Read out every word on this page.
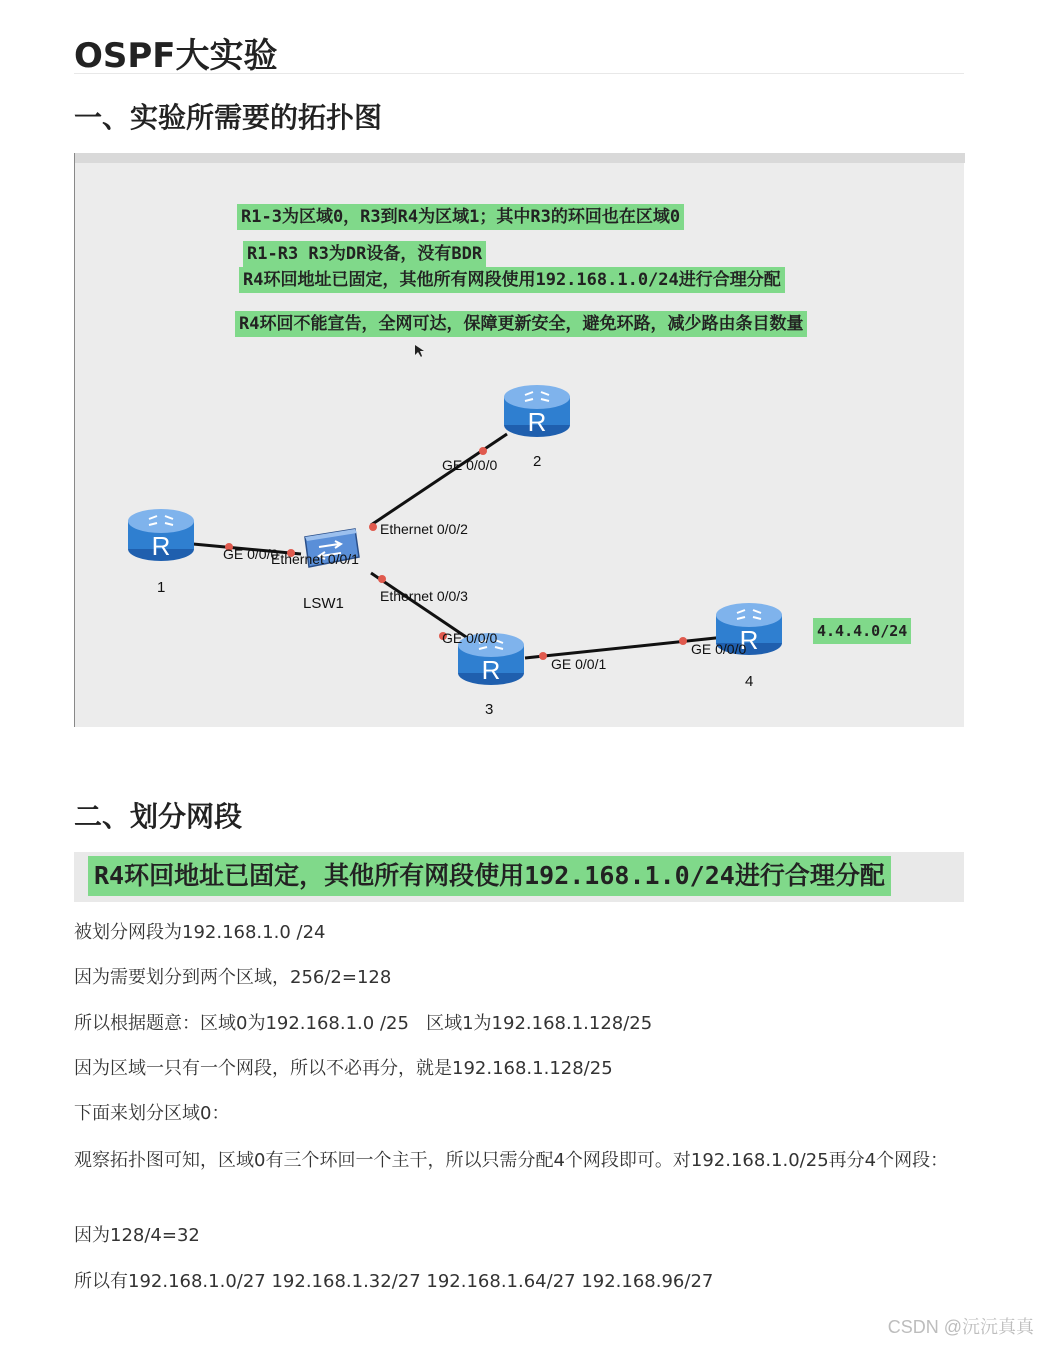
OSPF大实验
一、实验所需要的拓扑图
R1-3为区域0，R3到R4为区域1；其中R3的环回也在区域0
R1-R3 R3为DR设备，没有BDR
R4环回地址已固定，其他所有网段使用192.168.1.0/24进行合理分配
R4环回不能宣告，全网可达，保障更新安全，避免环路，减少路由条目数量
R
R
R
R
1
2
3
4
LSW1
GE 0/0/0
Ethernet 0/0/1
Ethernet 0/0/2
GE 0/0/0
Ethernet 0/0/3
GE 0/0/0
GE 0/0/1
GE 0/0/0
4.4.4.0/24
二、划分网段
R4环回地址已固定，其他所有网段使用192.168.1.0/24进行合理分配
被划分网段为192.168.1.0 /24
因为需要划分到两个区域，256/2=128
所以根据题意：区域0为192.168.1.0 /25   区域1为192.168.1.128/25
因为区域一只有一个网段，所以不必再分，就是192.168.1.128/25
下面来划分区域0：
观察拓扑图可知，区域0有三个环回一个主干，所以只需分配4个网段即可。对192.168.1.0/25再分4个网段：
因为128/4=32
所以有192.168.1.0/27 192.168.1.32/27 192.168.1.64/27 192.168.96/27
CSDN @沅沅真真
